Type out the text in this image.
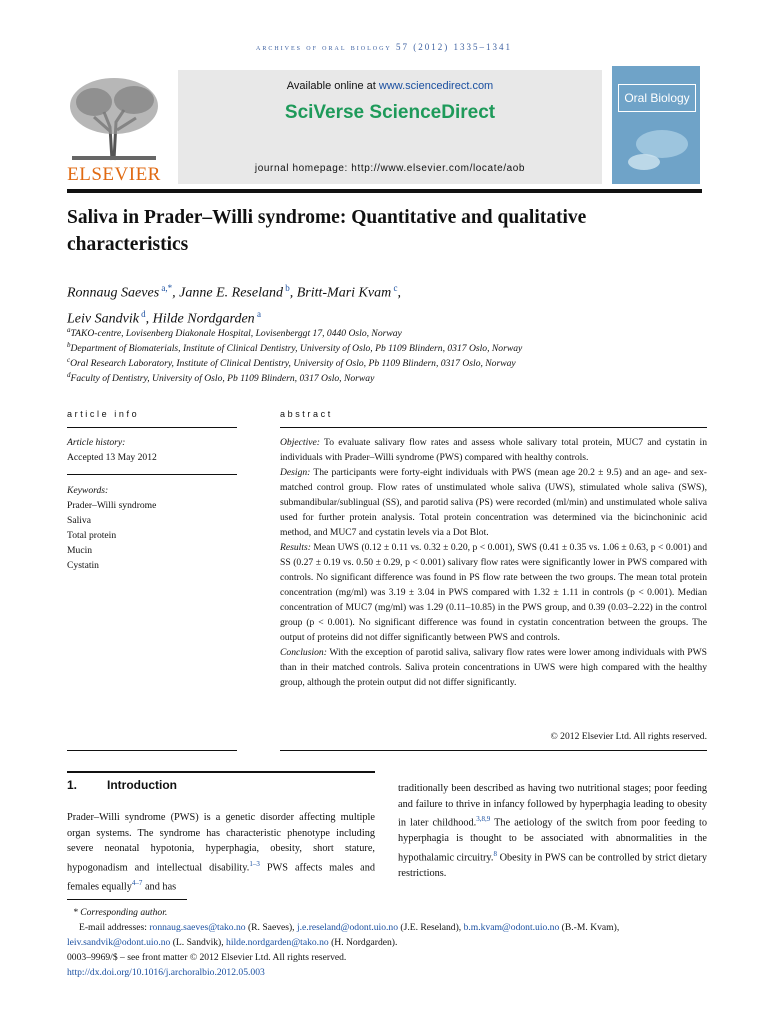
archives of oral biology 57 (2012) 1335–1341
ELSEVIER
Available online at www.sciencedirect.com
SciVerse ScienceDirect
journal homepage: http://www.elsevier.com/locate/aob
Oral Biology
Saliva in Prader–Willi syndrome: Quantitative and qualitative characteristics
Ronnaug Saeves $^{a,*}$, Janne E. Reseland $^b$, Britt-Mari Kvam $^c$,
Leiv Sandvik $^d$, Hilde Nordgarden $^a$
$^a$TAKO-centre, Lovisenberg Diakonale Hospital, Lovisenberggt 17, 0440 Oslo, Norway
$^b$Department of Biomaterials, Institute of Clinical Dentistry, University of Oslo, Pb 1109 Blindern, 0317 Oslo, Norway
$^c$Oral Research Laboratory, Institute of Clinical Dentistry, University of Oslo, Pb 1109 Blindern, 0317 Oslo, Norway
$^d$Faculty of Dentistry, University of Oslo, Pb 1109 Blindern, 0317 Oslo, Norway
article info	abstract
Article history:
Accepted 13 May 2012
Keywords:
Prader–Willi syndrome
Saliva
Total protein
Mucin
Cystatin
Objective: To evaluate salivary flow rates and assess whole salivary total protein, MUC7 and cystatin in individuals with Prader–Willi syndrome (PWS) compared with healthy controls.
Design: The participants were forty-eight individuals with PWS (mean age 20.2 ± 9.5) and an age- and sex-matched control group. Flow rates of unstimulated whole saliva (UWS), stimulated whole saliva (SWS), submandibular/sublingual (SS), and parotid saliva (PS) were recorded (ml/min) and unstimulated whole saliva used for further protein analysis. Total protein concentration was determined via the bicinchoninic acid method, and MUC7 and cystatin levels via a Dot Blot.
Results: Mean UWS (0.12 ± 0.11 vs. 0.32 ± 0.20, p < 0.001), SWS (0.41 ± 0.35 vs. 1.06 ± 0.63, p < 0.001) and SS (0.27 ± 0.19 vs. 0.50 ± 0.29, p < 0.001) salivary flow rates were significantly lower in PWS compared with controls. No significant difference was found in PS flow rate between the two groups. The mean total protein concentration (mg/ml) was 3.19 ± 3.04 in PWS compared with 1.32 ± 1.11 in controls (p < 0.001). Median concentration of MUC7 (mg/ml) was 1.29 (0.11–10.85) in the PWS group, and 0.39 (0.03–2.22) in the control group (p < 0.001). No significant difference was found in cystatin concentration between the groups. The output of proteins did not differ significantly between PWS and controls.
Conclusion: With the exception of parotid saliva, salivary flow rates were lower among individuals with PWS than in their matched controls. Saliva protein concentrations in UWS were high compared with the healthy group, although the protein output did not differ significantly.
© 2012 Elsevier Ltd. All rights reserved.
1. Introduction
Prader–Willi syndrome (PWS) is a genetic disorder affecting multiple organ systems. The syndrome has characteristic phenotype including severe neonatal hypotonia, hyperphagia, obesity, short stature, hypogonadism and intellectual disability.$^{1-3}$ PWS affects males and females equally$^{4-7}$ and has
traditionally been described as having two nutritional stages; poor feeding and failure to thrive in infancy followed by hyperphagia leading to obesity in later childhood.$^{3,8,9}$ The aetiology of the switch from poor feeding to hyperphagia is thought to be associated with abnormalities in the hypothalamic circuitry.$^8$ Obesity in PWS can be controlled by strict dietary restrictions.
* Corresponding author.
E-mail addresses: ronnaug.saeves@tako.no (R. Saeves), j.e.reseland@odont.uio.no (J.E. Reseland), b.m.kvam@odont.uio.no (B.-M. Kvam), leiv.sandvik@odont.uio.no (L. Sandvik), hilde.nordgarden@tako.no (H. Nordgarden).
0003–9969/$ – see front matter © 2012 Elsevier Ltd. All rights reserved.
http://dx.doi.org/10.1016/j.archoralbio.2012.05.003
